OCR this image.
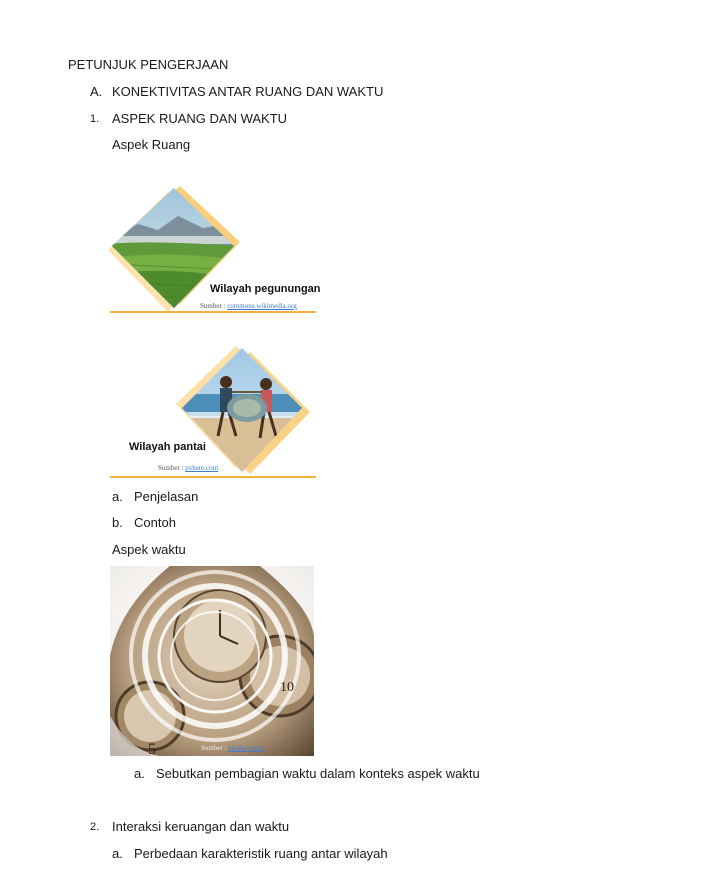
PETUNJUK PENGERJAAN
A. KONEKTIVITAS ANTAR RUANG DAN WAKTU
1. ASPEK RUANG DAN WAKTU
Aspek Ruang
Wilayah pegunungan
Sumber : commons.wikimedia.org
Wilayah pantai
Sumber : pxhere.com
a. Penjelasan
b. Contoh
Aspek waktu
5
10
Sumber : pixabay.com
a. Sebutkan pembagian waktu dalam konteks aspek waktu
2. Interaksi keruangan dan waktu
a. Perbedaan karakteristik ruang antar wilayah
